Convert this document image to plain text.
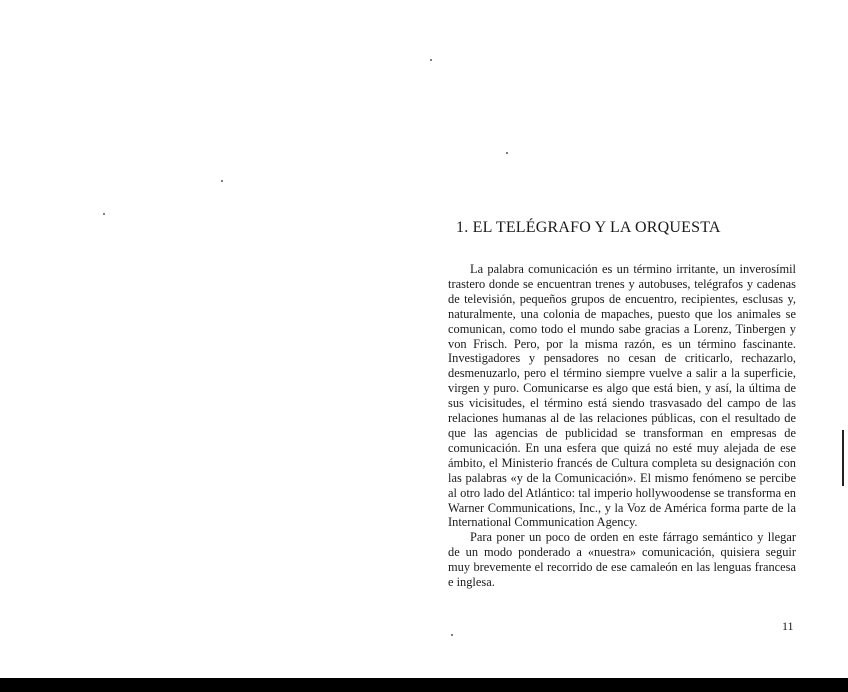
1. EL TELÉGRAFO Y LA ORQUESTA

La palabra comunicación es un término irritante, un inverosímil trastero donde se encuentran trenes y autobuses, telégrafos y cadenas de televisión, pequeños grupos de encuentro, recipientes, esclusas y, naturalmente, una colonia de mapaches, puesto que los animales se comunican, como todo el mundo sabe gracias a Lorenz, Tinbergen y von Frisch. Pero, por la misma razón, es un término fascinante. Investigadores y pensadores no cesan de criticarlo, rechazarlo, desmenuzarlo, pero el término siempre vuelve a salir a la superficie, virgen y puro. Comunicarse es algo que está bien, y así, la última de sus vicisitudes, el término está siendo trasvasado del campo de las relaciones humanas al de las relaciones públicas, con el resultado de que las agencias de publicidad se transforman en empresas de comunicación. En una esfera que quizá no esté muy alejada de ese ámbito, el Ministerio francés de Cultura completa su designación con las palabras «y de la Comunicación». El mismo fenómeno se percibe al otro lado del Atlántico: tal imperio hollywoodense se transforma en Warner Communications, Inc., y la Voz de América forma parte de la International Communication Agency.

Para poner un poco de orden en este fárrago semántico y llegar de un modo ponderado a «nuestra» comunicación, quisiera seguir muy brevemente el recorrido de ese camaleón en las lenguas francesa e inglesa.

11
